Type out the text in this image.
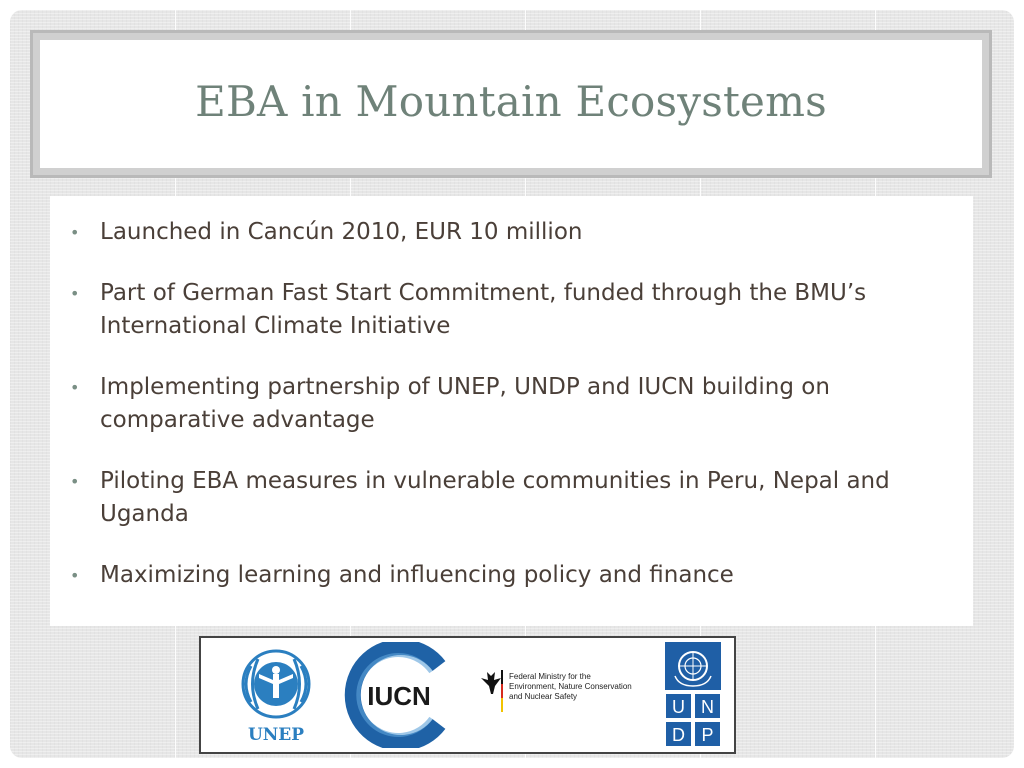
EBA in Mountain Ecosystems
• Launched in Cancún 2010, EUR 10 million
• Part of German Fast Start Commitment, funded through the BMU’s International Climate Initiative
• Implementing partnership of UNEP, UNDP and IUCN building on comparative advantage
• Piloting EBA measures in vulnerable communities in Peru, Nepal and Uganda
• Maximizing learning and influencing policy and finance
UNEP
IUCN
Federal Ministry for the
Environment, Nature Conservation
and Nuclear Safety
U N
D P
